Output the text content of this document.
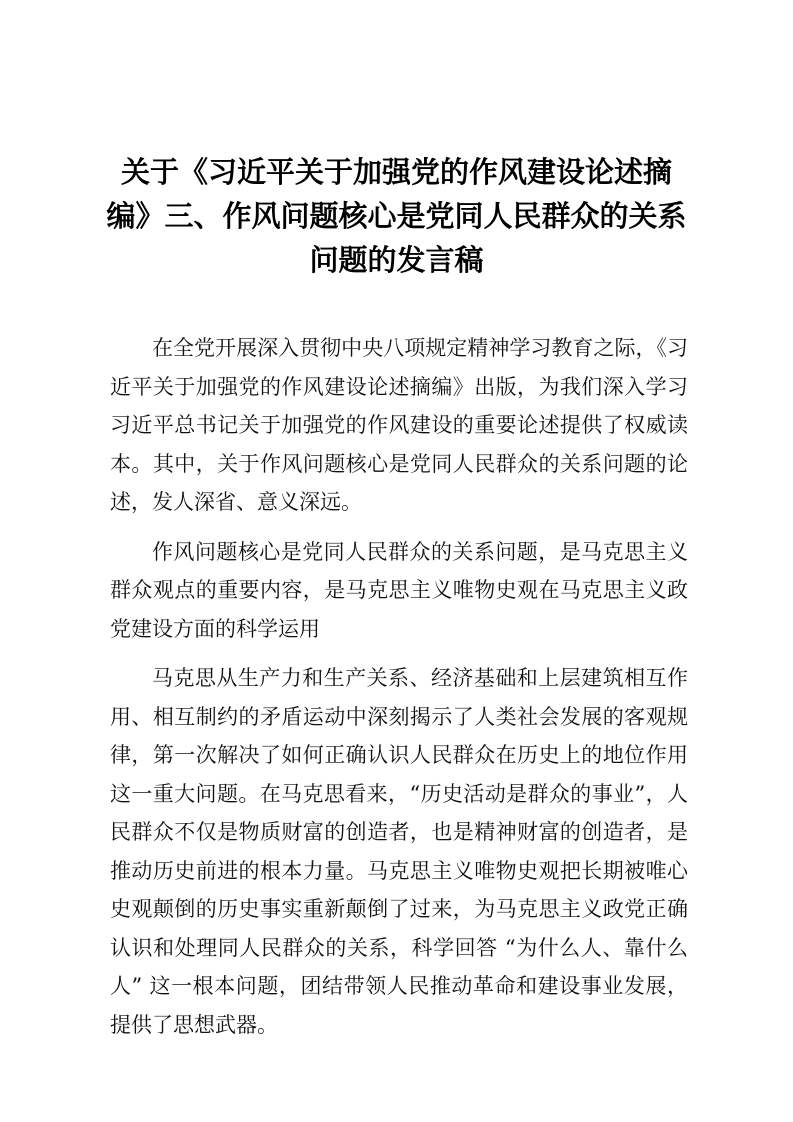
关于《习近平关于加强党的作风建设论述摘
编》三、作风问题核心是党同人民群众的关系
问题的发言稿

在全党开展深入贯彻中央八项规定精神学习教育之际，《习近平关于加强党的作风建设论述摘编》出版，为我们深入学习习近平总书记关于加强党的作风建设的重要论述提供了权威读本。其中，关于作风问题核心是党同人民群众的关系问题的论述，发人深省、意义深远。

作风问题核心是党同人民群众的关系问题，是马克思主义群众观点的重要内容，是马克思主义唯物史观在马克思主义政党建设方面的科学运用

马克思从生产力和生产关系、经济基础和上层建筑相互作用、相互制约的矛盾运动中深刻揭示了人类社会发展的客观规律，第一次解决了如何正确认识人民群众在历史上的地位作用这一重大问题。在马克思看来，“历史活动是群众的事业”，人民群众不仅是物质财富的创造者，也是精神财富的创造者，是推动历史前进的根本力量。马克思主义唯物史观把长期被唯心史观颠倒的历史事实重新颠倒了过来，为马克思主义政党正确认识和处理同人民群众的关系，科学回答 “为什么人、靠什么人” 这一根本问题，团结带领人民推动革命和建设事业发展，提供了思想武器。
